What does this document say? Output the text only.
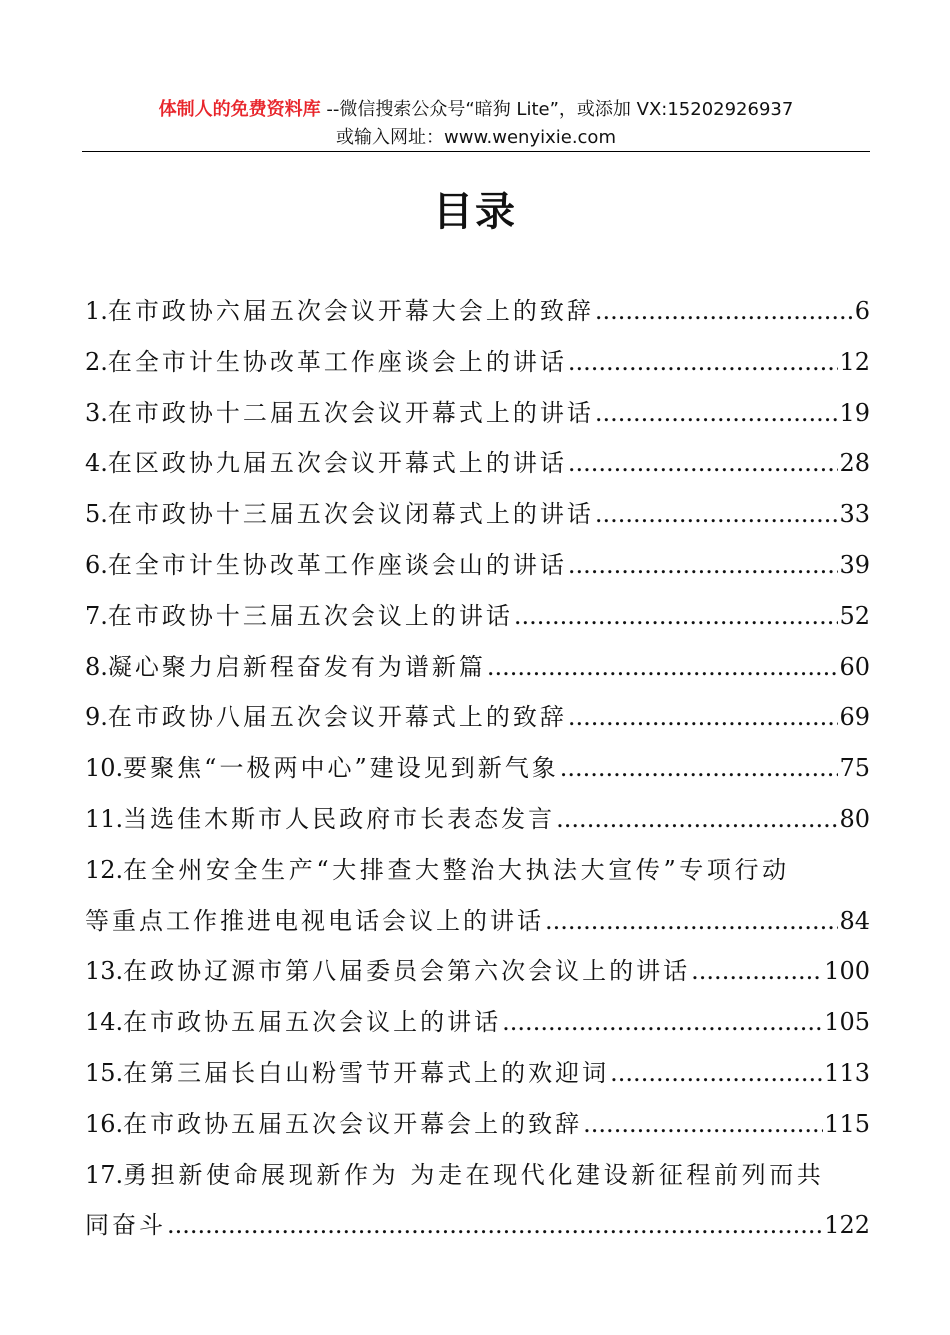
体制人的免费资料库 --微信搜索公众号“暗狗 Lite”，或添加 VX:15202926937
或输入网址：www.wenyixie.com
目录
1.在市政协六届五次会议开幕大会上的致辞 .....	6
2.在全市计生协改革工作座谈会上的讲话 .....	12
3.在市政协十二届五次会议开幕式上的讲话 .....	19
4.在区政协九届五次会议开幕式上的讲话 .....	28
5.在市政协十三届五次会议闭幕式上的讲话 .....	33
6.在全市计生协改革工作座谈会山的讲话 .....	39
7.在市政协十三届五次会议上的讲话 .....	52
8.凝心聚力启新程奋发有为谱新篇 .....	60
9.在市政协八届五次会议开幕式上的致辞 .....	69
10.要聚焦“一极两中心”建设见到新气象 .....	75
11.当选佳木斯市人民政府市长表态发言 .....	80
12.在全州安全生产“大排查大整治大执法大宣传”专项行动
等重点工作推进电视电话会议上的讲话 .....	84
13.在政协辽源市第八届委员会第六次会议上的讲话 .....	100
14.在市政协五届五次会议上的讲话 .....	105
15.在第三届长白山粉雪节开幕式上的欢迎词 .....	113
16.在市政协五届五次会议开幕会上的致辞 .....	115
17.勇担新使命展现新作为 为走在现代化建设新征程前列而共
同奋斗 .....	122
